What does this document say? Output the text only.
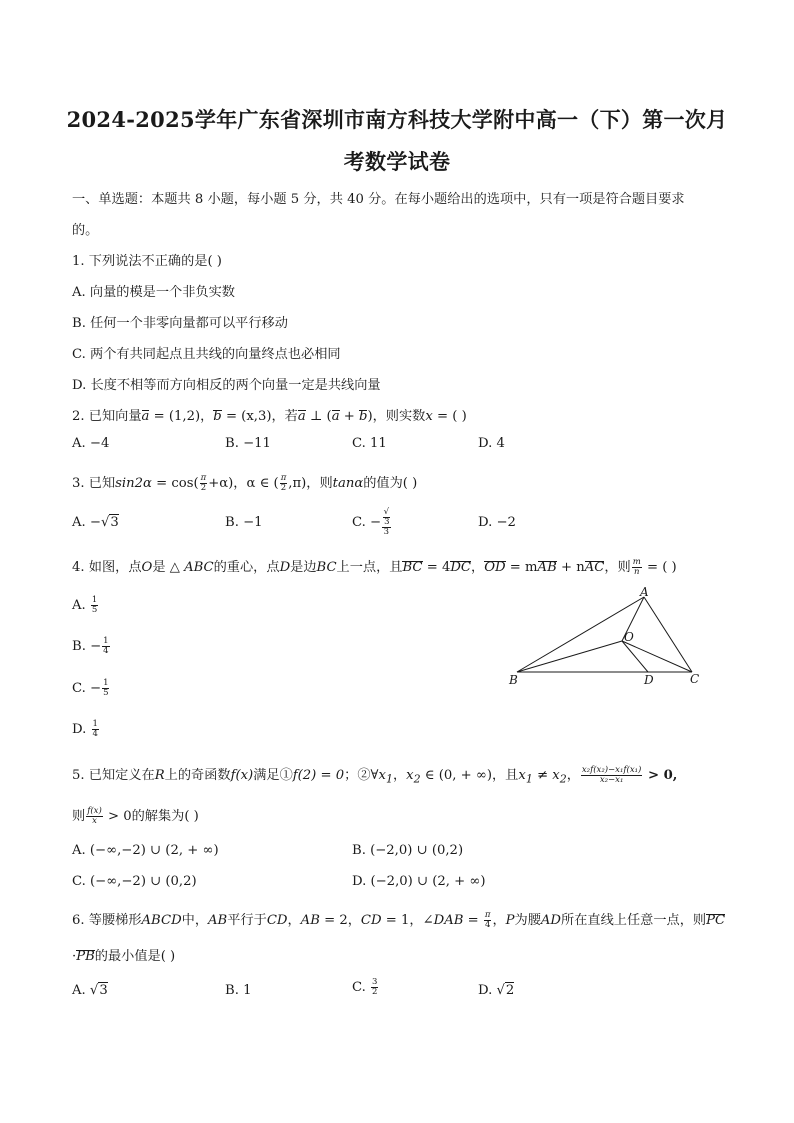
2024-2025学年广东省深圳市南方科技大学附中高一（下）第一次月
考数学试卷
一、单选题：本题共 8 小题，每小题 5 分，共 40 分。在每小题给出的选项中，只有一项是符合题目要求
的。
1. 下列说法不正确的是( )
A. 向量的模是一个非负实数
B. 任何一个非零向量都可以平行移动
C. 两个有共同起点且共线的向量终点也必相同
D. 长度不相等而方向相反的两个向量一定是共线向量
2. 已知向量a = (1,2)，b = (x,3)，若a ⊥ (a + b)，则实数x = ( )
A. −4	B. −11	C. 11	D. 4
3. 已知$\sin 2\alpha = \cos( \frac{\pi}{2} +\alpha)$，α ∈ ( $\frac{\pi}{2} ,\pi$)，则tanα的值为( )
A. −√3	B. −1	C. − √
3
3	D. −2
4. 如图，点O是 △ ABC的重心，点D是边BC上一点，且BC = 4DC，OD = mAB + nAC，则 $\frac{m}{n}$ = ( )
A. $\frac{1}{5}$
B. − $\frac{1}{4}$
C. − $\frac{1}{5}$
D. $\frac{1}{4}$
A
O
B	D	C
5. 已知定义在R上的奇函数f(x)满足①f(2) = 0；$②\forall x_1$，$x_2$ ∈ (0, + ∞)，且$x_1 \ne x_2$， $\frac{\text{x₂f(x₂)−x₁f(x₁)}}{\text{x₂−x₁}} > 0$,
则 $\frac{f(x)}{x} > 0$的解集为( )
A. (−∞,−2) ∪ (2, + ∞)	B. (−2,0) ∪ (0,2)
C. (−∞,−2) ∪ (0,2)	D. (−2,0) ∪ (2, + ∞)
6. 等腰梯形ABCD中，AB平行于CD，AB = 2，CD = 1，∠DAB = $\frac{\pi}{4}$ ，P为腰AD所在直线上任意一点，则PC
·PB的最小值是( )
A. √3	B. 1	C. $\frac{3}{2}$	D. √2
